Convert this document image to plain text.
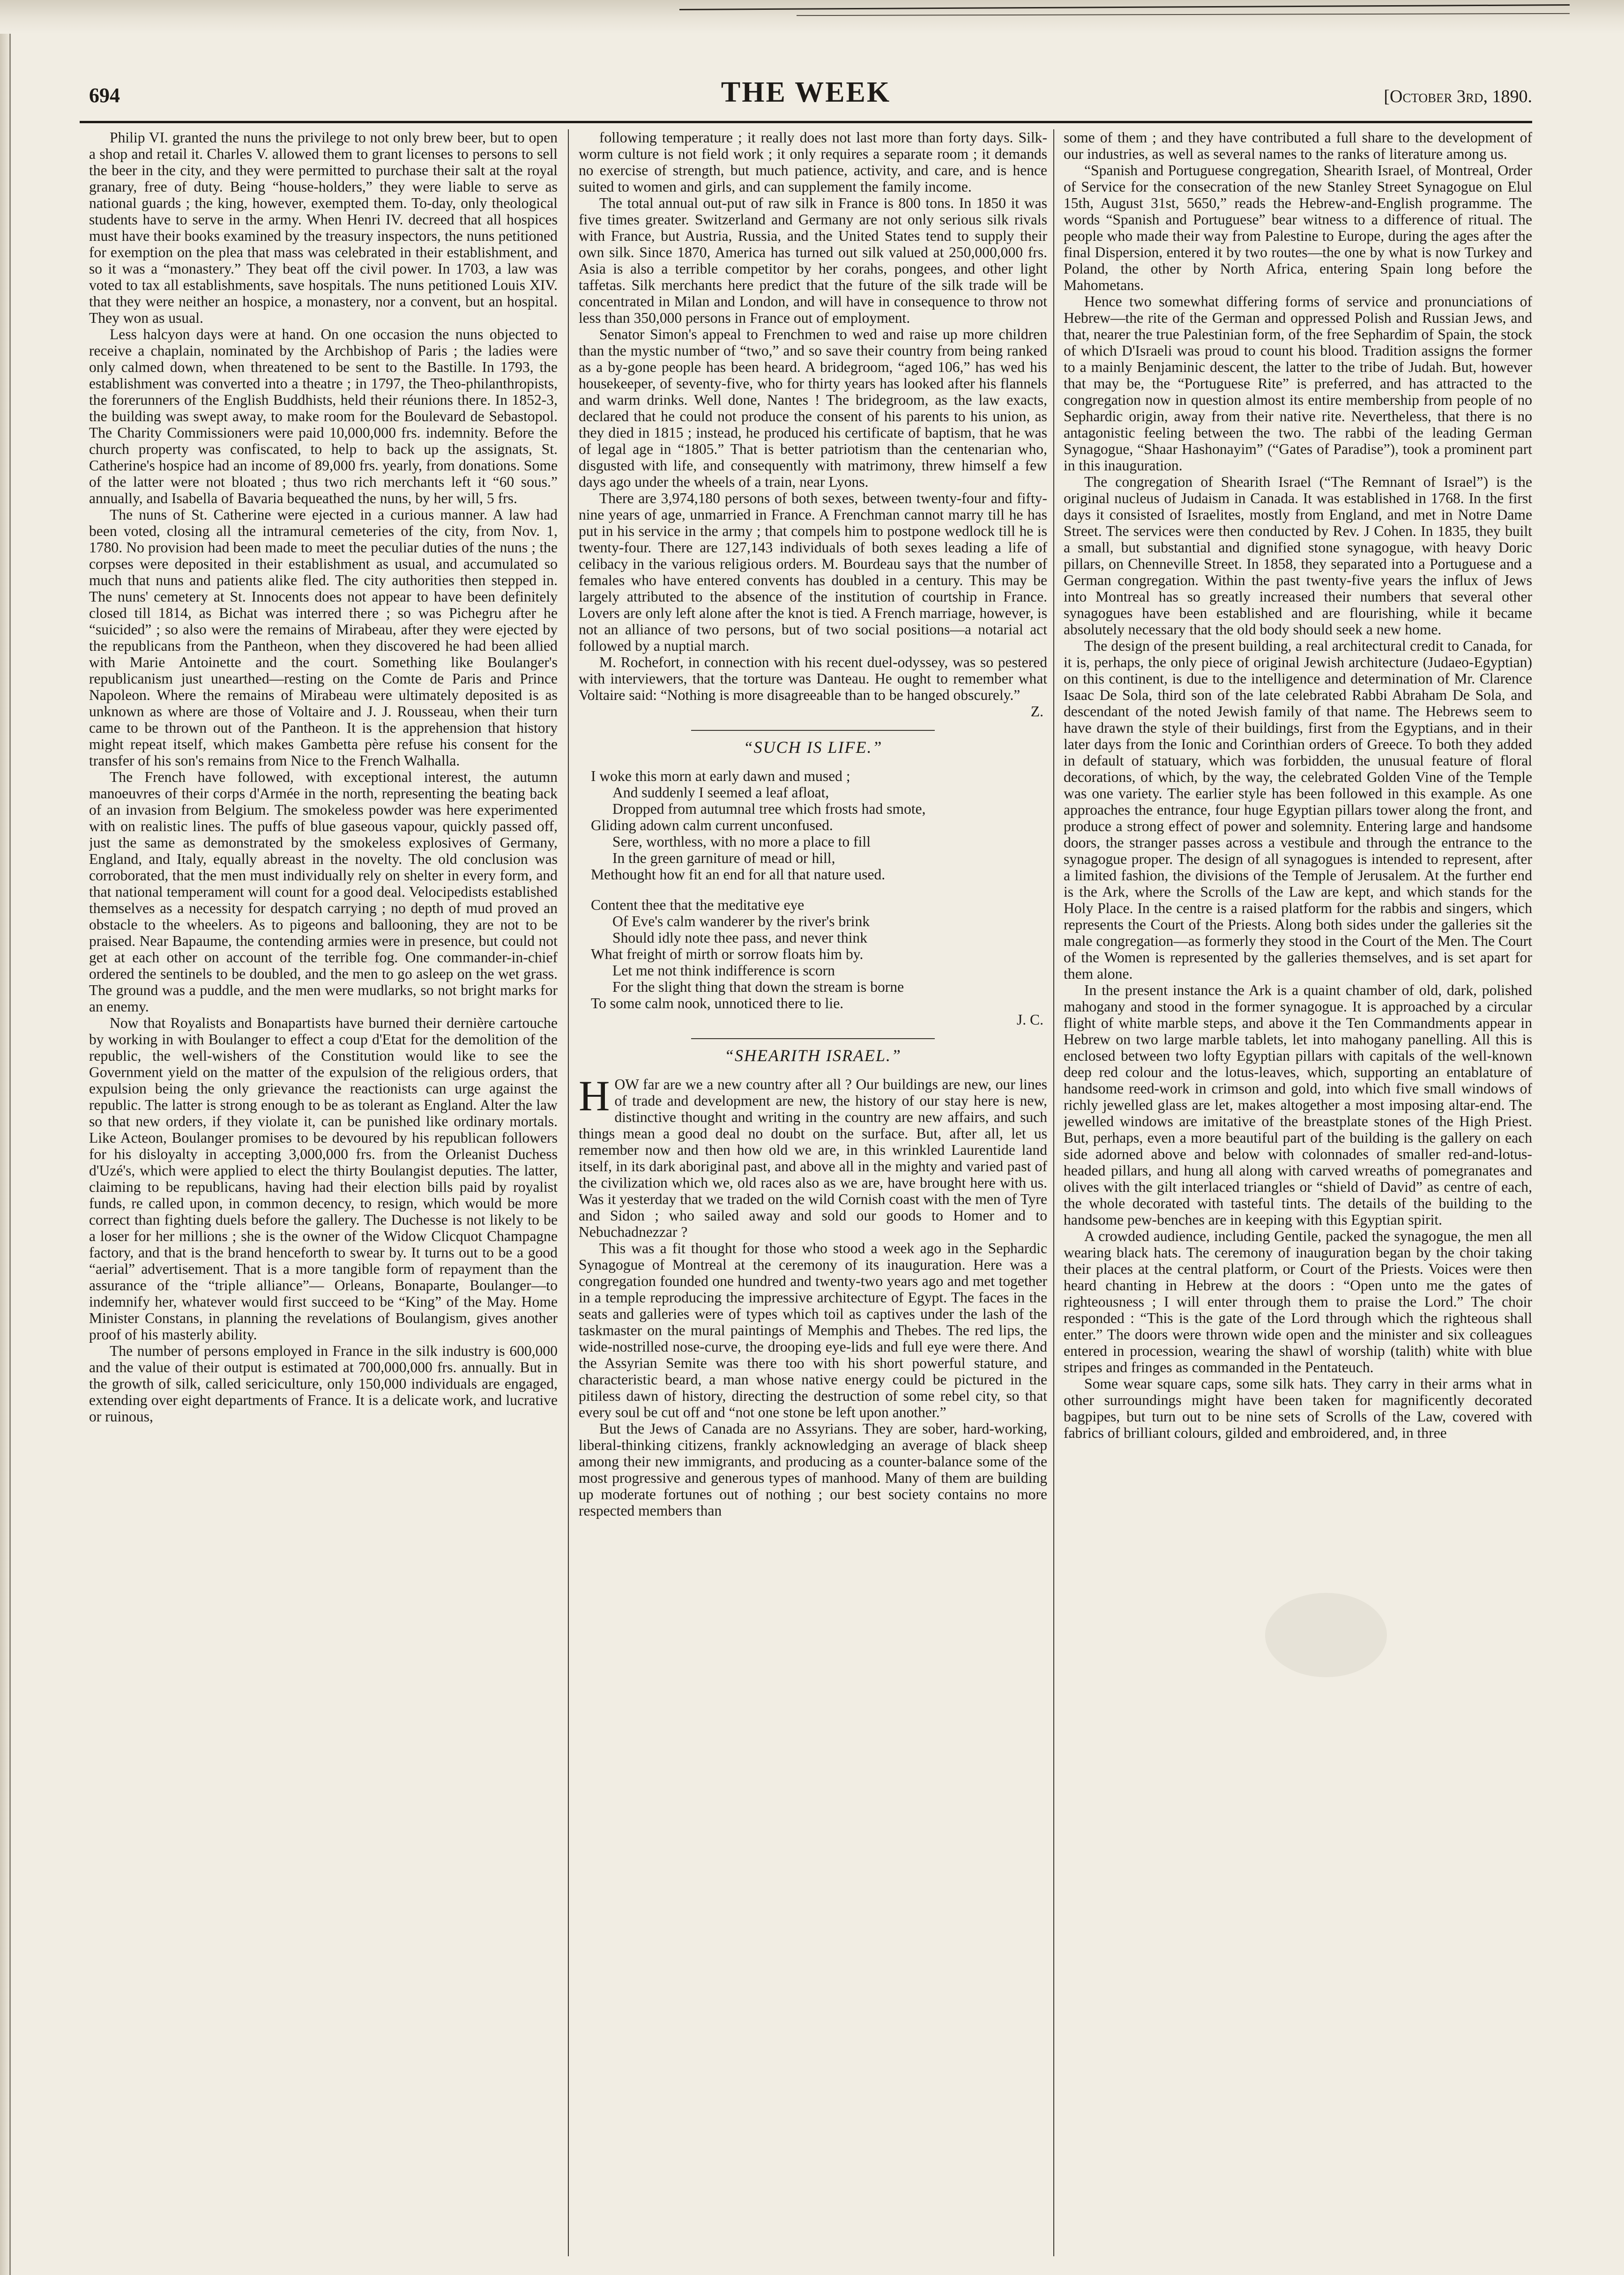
694	THE WEEK	[October 3rd, 1890.

Philip VI. granted the nuns the privilege to not only brew beer, but to open a shop and retail it. Charles V. allowed them to grant licenses to persons to sell the beer in the city, and they were permitted to purchase their salt at the royal granary, free of duty. Being “house-holders,” they were liable to serve as national guards ; the king, however, exempted them. To-day, only theological students have to serve in the army. When Henri IV. decreed that all hospices must have their books examined by the treasury inspectors, the nuns petitioned for exemption on the plea that mass was celebrated in their establishment, and so it was a “monastery.” They beat off the civil power. In 1703, a law was voted to tax all establishments, save hospitals. The nuns petitioned Louis XIV. that they were neither an hospice, a monastery, nor a convent, but an hospital. They won as usual.

Less halcyon days were at hand. On one occasion the nuns objected to receive a chaplain, nominated by the Archbishop of Paris ; the ladies were only calmed down, when threatened to be sent to the Bastille. In 1793, the establishment was converted into a theatre ; in 1797, the Theo-philanthropists, the forerunners of the English Buddhists, held their réunions there. In 1852-3, the building was swept away, to make room for the Boulevard de Sebastopol. The Charity Commissioners were paid 10,000,000 frs. indemnity. Before the church property was confiscated, to help to back up the assignats, St. Catherine's hospice had an income of 89,000 frs. yearly, from donations. Some of the latter were not bloated ; thus two rich merchants left it “60 sous.” annually, and Isabella of Bavaria bequeathed the nuns, by her will, 5 frs.

The nuns of St. Catherine were ejected in a curious manner. A law had been voted, closing all the intramural cemeteries of the city, from Nov. 1, 1780. No provision had been made to meet the peculiar duties of the nuns ; the corpses were deposited in their establishment as usual, and accumulated so much that nuns and patients alike fled. The city authorities then stepped in. The nuns' cemetery at St. Innocents does not appear to have been definitely closed till 1814, as Bichat was interred there ; so was Pichegru after he “suicided” ; so also were the remains of Mirabeau, after they were ejected by the republicans from the Pantheon, when they discovered he had been allied with Marie Antoinette and the court. Something like Boulanger's republicanism just unearthed—resting on the Comte de Paris and Prince Napoleon. Where the remains of Mirabeau were ultimately deposited is as unknown as where are those of Voltaire and J. J. Rousseau, when their turn came to be thrown out of the Pantheon. It is the apprehension that history might repeat itself, which makes Gambetta père refuse his consent for the transfer of his son's remains from Nice to the French Walhalla.

The French have followed, with exceptional interest, the autumn manoeuvres of their corps d'Armée in the north, representing the beating back of an invasion from Belgium. The smokeless powder was here experimented with on realistic lines. The puffs of blue gaseous vapour, quickly passed off, just the same as demonstrated by the smokeless explosives of Germany, England, and Italy, equally abreast in the novelty. The old conclusion was corroborated, that the men must individually rely on shelter in every form, and that national temperament will count for a good deal. Velocipedists established themselves as a necessity for despatch carrying ; no depth of mud proved an obstacle to the wheelers. As to pigeons and ballooning, they are not to be praised. Near Bapaume, the contending armies were in presence, but could not get at each other on account of the terrible fog. One commander-in-chief ordered the sentinels to be doubled, and the men to go asleep on the wet grass. The ground was a puddle, and the men were mudlarks, so not bright marks for an enemy.

Now that Royalists and Bonapartists have burned their dernière cartouche by working in with Boulanger to effect a coup d'Etat for the demolition of the republic, the well-wishers of the Constitution would like to see the Government yield on the matter of the expulsion of the religious orders, that expulsion being the only grievance the reactionists can urge against the republic. The latter is strong enough to be as tolerant as England. Alter the law so that new orders, if they violate it, can be punished like ordinary mortals. Like Acteon, Boulanger promises to be devoured by his republican followers for his disloyalty in accepting 3,000,000 frs. from the Orleanist Duchess d'Uzé's, which were applied to elect the thirty Boulangist deputies. The latter, claiming to be republicans, having had their election bills paid by royalist funds, re called upon, in common decency, to resign, which would be more correct than fighting duels before the gallery. The Duchesse is not likely to be a loser for her millions ; she is the owner of the Widow Clicquot Champagne factory, and that is the brand henceforth to swear by. It turns out to be a good “aerial” advertisement. That is a more tangible form of repayment than the assurance of the “triple alliance”— Orleans, Bonaparte, Boulanger—to indemnify her, whatever would first succeed to be “King” of the May. Home Minister Constans, in planning the revelations of Boulangism, gives another proof of his masterly ability.

The number of persons employed in France in the silk industry is 600,000 and the value of their output is estimated at 700,000,000 frs. annually. But in the growth of silk, called sericiculture, only 150,000 individuals are engaged, extending over eight departments of France. It is a delicate work, and lucrative or ruinous,

following temperature ; it really does not last more than forty days. Silk-worm culture is not field work ; it only requires a separate room ; it demands no exercise of strength, but much patience, activity, and care, and is hence suited to women and girls, and can supplement the family income.

The total annual out-put of raw silk in France is 800 tons. In 1850 it was five times greater. Switzerland and Germany are not only serious silk rivals with France, but Austria, Russia, and the United States tend to supply their own silk. Since 1870, America has turned out silk valued at 250,000,000 frs. Asia is also a terrible competitor by her corahs, pongees, and other light taffetas. Silk merchants here predict that the future of the silk trade will be concentrated in Milan and London, and will have in consequence to throw not less than 350,000 persons in France out of employment.

Senator Simon's appeal to Frenchmen to wed and raise up more children than the mystic number of “two,” and so save their country from being ranked as a by-gone people has been heard. A bridegroom, “aged 106,” has wed his housekeeper, of seventy-five, who for thirty years has looked after his flannels and warm drinks. Well done, Nantes ! The bridegroom, as the law exacts, declared that he could not produce the consent of his parents to his union, as they died in 1815 ; instead, he produced his certificate of baptism, that he was of legal age in “1805.” That is better patriotism than the centenarian who, disgusted with life, and consequently with matrimony, threw himself a few days ago under the wheels of a train, near Lyons.

There are 3,974,180 persons of both sexes, between twenty-four and fifty-nine years of age, unmarried in France. A Frenchman cannot marry till he has put in his service in the army ; that compels him to postpone wedlock till he is twenty-four. There are 127,143 individuals of both sexes leading a life of celibacy in the various religious orders. M. Bourdeau says that the number of females who have entered convents has doubled in a century. This may be largely attributed to the absence of the institution of courtship in France. Lovers are only left alone after the knot is tied. A French marriage, however, is not an alliance of two persons, but of two social positions—a notarial act followed by a nuptial march.

M. Rochefort, in connection with his recent duel-odyssey, was so pestered with interviewers, that the torture was Danteau. He ought to remember what Voltaire said: “Nothing is more disagreeable than to be hanged obscurely.”

Z.
“SUCH IS LIFE.”
I woke this morn at early dawn and mused ;
And suddenly I seemed a leaf afloat,
Dropped from autumnal tree which frosts had smote,
Gliding adown calm current unconfused.
Sere, worthless, with no more a place to fill
In the green garniture of mead or hill,
Methought how fit an end for all that nature used.
Content thee that the meditative eye
Of Eve's calm wanderer by the river's brink
Should idly note thee pass, and never think
What freight of mirth or sorrow floats him by.
Let me not think indifference is scorn
For the slight thing that down the stream is borne
To some calm nook, unnoticed there to lie.
J. C.
“SHEARITH ISRAEL.”

HOW far are we a new country after all ? Our buildings are new, our lines of trade and development are new, the history of our stay here is new, distinctive thought and writing in the country are new affairs, and such things mean a good deal no doubt on the surface. But, after all, let us remember now and then how old we are, in this wrinkled Laurentide land itself, in its dark aboriginal past, and above all in the mighty and varied past of the civilization which we, old races also as we are, have brought here with us. Was it yesterday that we traded on the wild Cornish coast with the men of Tyre and Sidon ; who sailed away and sold our goods to Homer and to Nebuchadnezzar ?

This was a fit thought for those who stood a week ago in the Sephardic Synagogue of Montreal at the ceremony of its inauguration. Here was a congregation founded one hundred and twenty-two years ago and met together in a temple reproducing the impressive architecture of Egypt. The faces in the seats and galleries were of types which toil as captives under the lash of the taskmaster on the mural paintings of Memphis and Thebes. The red lips, the wide-nostrilled nose-curve, the drooping eye-lids and full eye were there. And the Assyrian Semite was there too with his short powerful stature, and characteristic beard, a man whose native energy could be pictured in the pitiless dawn of history, directing the destruction of some rebel city, so that every soul be cut off and “not one stone be left upon another.”

But the Jews of Canada are no Assyrians. They are sober, hard-working, liberal-thinking citizens, frankly acknowledging an average of black sheep among their new immigrants, and producing as a counter-balance some of the most progressive and generous types of manhood. Many of them are building up moderate fortunes out of nothing ; our best society contains no more respected members than

some of them ; and they have contributed a full share to the development of our industries, as well as several names to the ranks of literature among us.

“Spanish and Portuguese congregation, Shearith Israel, of Montreal, Order of Service for the consecration of the new Stanley Street Synagogue on Elul 15th, August 31st, 5650,” reads the Hebrew-and-English programme. The words “Spanish and Portuguese” bear witness to a difference of ritual. The people who made their way from Palestine to Europe, during the ages after the final Dispersion, entered it by two routes—the one by what is now Turkey and Poland, the other by North Africa, entering Spain long before the Mahometans.

Hence two somewhat differing forms of service and pronunciations of Hebrew—the rite of the German and oppressed Polish and Russian Jews, and that, nearer the true Palestinian form, of the free Sephardim of Spain, the stock of which D'Israeli was proud to count his blood. Tradition assigns the former to a mainly Benjaminic descent, the latter to the tribe of Judah. But, however that may be, the “Portuguese Rite” is preferred, and has attracted to the congregation now in question almost its entire membership from people of no Sephardic origin, away from their native rite. Nevertheless, that there is no antagonistic feeling between the two. The rabbi of the leading German Synagogue, “Shaar Hashonayim” (“Gates of Paradise”), took a prominent part in this inauguration.

The congregation of Shearith Israel (“The Remnant of Israel”) is the original nucleus of Judaism in Canada. It was established in 1768. In the first days it consisted of Israelites, mostly from England, and met in Notre Dame Street. The services were then conducted by Rev. J Cohen. In 1835, they built a small, but substantial and dignified stone synagogue, with heavy Doric pillars, on Chenneville Street. In 1858, they separated into a Portuguese and a German congregation. Within the past twenty-five years the influx of Jews into Montreal has so greatly increased their numbers that several other synagogues have been established and are flourishing, while it became absolutely necessary that the old body should seek a new home.

The design of the present building, a real architectural credit to Canada, for it is, perhaps, the only piece of original Jewish architecture (Judaeo-Egyptian) on this continent, is due to the intelligence and determination of Mr. Clarence Isaac De Sola, third son of the late celebrated Rabbi Abraham De Sola, and descendant of the noted Jewish family of that name. The Hebrews seem to have drawn the style of their buildings, first from the Egyptians, and in their later days from the Ionic and Corinthian orders of Greece. To both they added in default of statuary, which was forbidden, the unusual feature of floral decorations, of which, by the way, the celebrated Golden Vine of the Temple was one variety. The earlier style has been followed in this example. As one approaches the entrance, four huge Egyptian pillars tower along the front, and produce a strong effect of power and solemnity. Entering large and handsome doors, the stranger passes across a vestibule and through the entrance to the synagogue proper. The design of all synagogues is intended to represent, after a limited fashion, the divisions of the Temple of Jerusalem. At the further end is the Ark, where the Scrolls of the Law are kept, and which stands for the Holy Place. In the centre is a raised platform for the rabbis and singers, which represents the Court of the Priests. Along both sides under the galleries sit the male congregation—as formerly they stood in the Court of the Men. The Court of the Women is represented by the galleries themselves, and is set apart for them alone.

In the present instance the Ark is a quaint chamber of old, dark, polished mahogany and stood in the former synagogue. It is approached by a circular flight of white marble steps, and above it the Ten Commandments appear in Hebrew on two large marble tablets, let into mahogany panelling. All this is enclosed between two lofty Egyptian pillars with capitals of the well-known deep red colour and the lotus-leaves, which, supporting an entablature of handsome reed-work in crimson and gold, into which five small windows of richly jewelled glass are let, makes altogether a most imposing altar-end. The jewelled windows are imitative of the breastplate stones of the High Priest. But, perhaps, even a more beautiful part of the building is the gallery on each side adorned above and below with colonnades of smaller red-and-lotus-headed pillars, and hung all along with carved wreaths of pomegranates and olives with the gilt interlaced triangles or “shield of David” as centre of each, the whole decorated with tasteful tints. The details of the building to the handsome pew-benches are in keeping with this Egyptian spirit.

A crowded audience, including Gentile, packed the synagogue, the men all wearing black hats. The ceremony of inauguration began by the choir taking their places at the central platform, or Court of the Priests. Voices were then heard chanting in Hebrew at the doors : “Open unto me the gates of righteousness ; I will enter through them to praise the Lord.” The choir responded : “This is the gate of the Lord through which the righteous shall enter.” The doors were thrown wide open and the minister and six colleagues entered in procession, wearing the shawl of worship (talith) white with blue stripes and fringes as commanded in the Pentateuch.

Some wear square caps, some silk hats. They carry in their arms what in other surroundings might have been taken for magnificently decorated bagpipes, but turn out to be nine sets of Scrolls of the Law, covered with fabrics of brilliant colours, gilded and embroidered, and, in three
